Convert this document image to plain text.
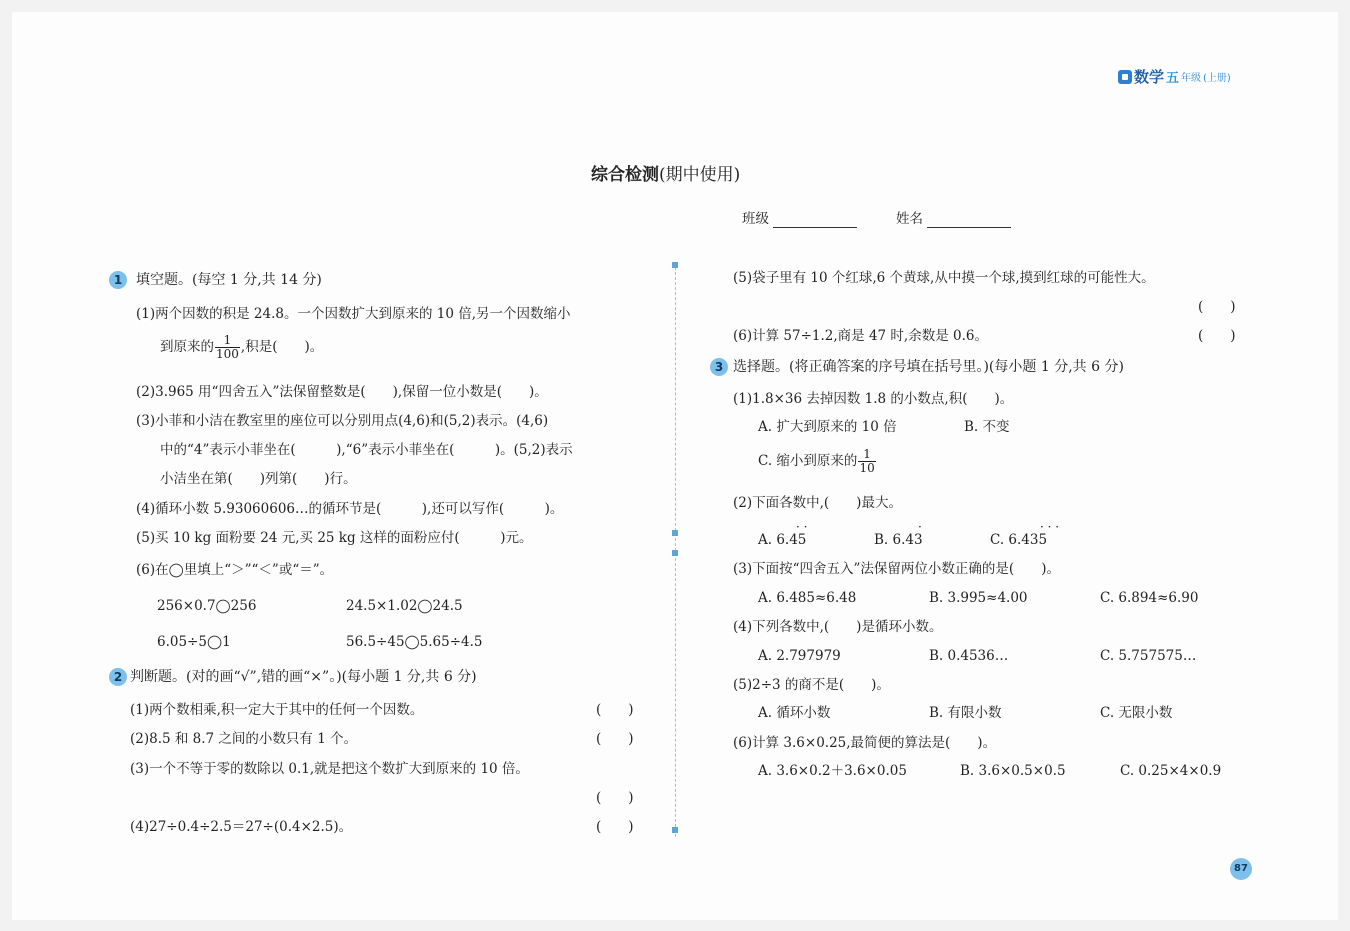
数学 五 年级 (上册)
综合检测(期中使用)
班级	姓名
1 填空题。(每空 1 分,共 14 分)
(1)两个因数的积是 24.8。一个因数扩大到原来的 10 倍,另一个因数缩小
到原来的 $\frac{1}{100}$ ,积是(　　)。
(2)3.965 用“四舍五入”法保留整数是(　　),保留一位小数是(　　)。
(3)小菲和小洁在教室里的座位可以分别用点(4,6)和(5,2)表示。(4,6)
中的“4”表示小菲坐在(　　　),“6”表示小菲坐在(　　　)。(5,2)表示
小洁坐在第(　　)列第(　　)行。
(4)循环小数 5.93060606…的循环节是(　　　),还可以写作(　　　)。
(5)买 10 kg 面粉要 24 元,买 25 kg 这样的面粉应付(　　　)元。
(6)在◯里填上“＞”“＜”或“＝”。
256×0.7◯256	24.5×1.02◯24.5
6.05÷5◯1	56.5÷45◯5.65÷4.5
2 判断题。(对的画“√”,错的画“×”。)(每小题 1 分,共 6 分)
(1)两个数相乘,积一定大于其中的任何一个因数。	(　　)
(2)8.5 和 8.7 之间的小数只有 1 个。	(　　)
(3)一个不等于零的数除以 0.1,就是把这个数扩大到原来的 10 倍。
(　　)
(4)27÷0.4÷2.5＝27÷(0.4×2.5)。	(　　)
(5)袋子里有 10 个红球,6 个黄球,从中摸一个球,摸到红球的可能性大。
(　　)
(6)计算 57÷1.2,商是 47 时,余数是 0.6。	(　　)
3 选择题。(将正确答案的序号填在括号里。)(每小题 1 分,共 6 分)
(1)1.8×36 去掉因数 1.8 的小数点,积(　　)。
A. 扩大到原来的 10 倍	B. 不变
C. 缩小到原来的 $\frac{1}{10}$
(2)下面各数中,(　　)最大。
A. 6.45	B. 6.43	C. 6.435
· ·	·	· · ·
(3)下面按“四舍五入”法保留两位小数正确的是(　　)。
A. 6.485≈6.48	B. 3.995≈4.00	C. 6.894≈6.90
(4)下列各数中,(　　)是循环小数。
A. 2.797979	B. 0.4536…	C. 5.757575…
(5)2÷3 的商不是(　　)。
A. 循环小数	B. 有限小数	C. 无限小数
(6)计算 3.6×0.25,最简便的算法是(　　)。
A. 3.6×0.2＋3.6×0.05	B. 3.6×0.5×0.5	C. 0.25×4×0.9
87
